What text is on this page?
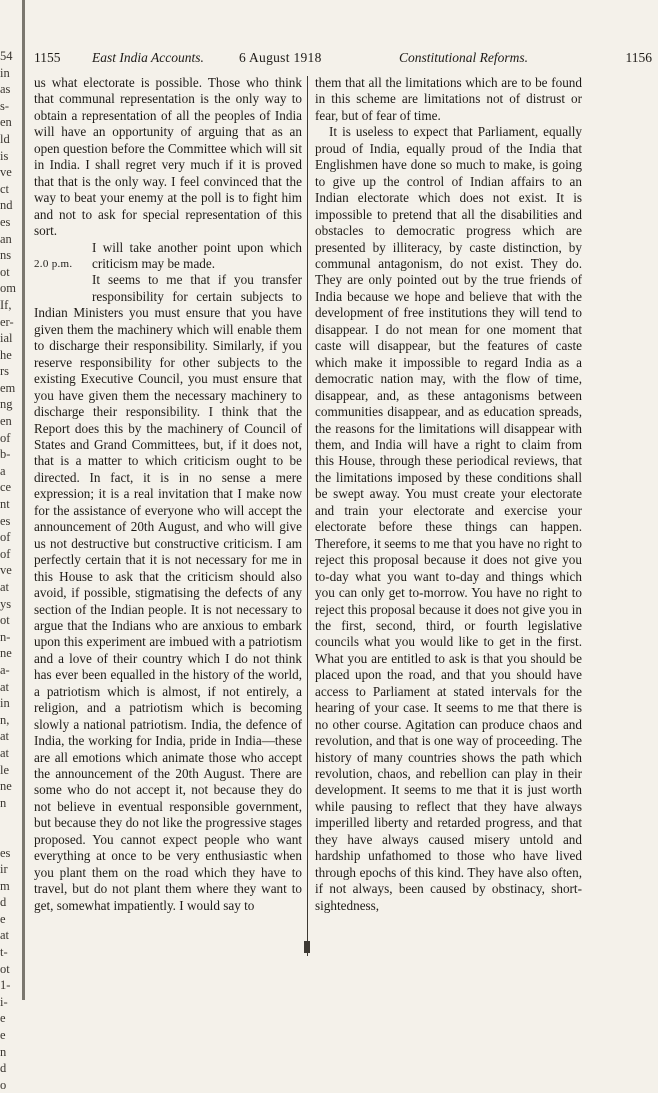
54
in
as
s-
en
ld
is
ve
ct
nd
es
an
ns
ot
om
If,
er-
ial
he
rs
em
ng
en
of
b-
a
ce
nt
es
of
of
ve
at
ys
ot
n-
ne
a-
at
in
n,
at
at
le
ne
n
es
ir
m
d
e
at
t-
ot
1-
i-
e
e
n
d
o
1155 East India Accounts.	6 August 1918	Constitutional Reforms.	1156

us what electorate is possible. Those who think that communal representation is the only way to obtain a representation of all the peoples of India will have an opportunity of arguing that as an open question before the Committee which will sit in India. I shall regret very much if it is proved that that is the only way. I feel convinced that the way to beat your enemy at the poll is to fight him and not to ask for special representation of this sort.

2.0 p.m.
I will take another point upon which criticism may be made.

It seems to me that if you transfer responsibility for certain subjects to Indian Ministers you must ensure that you have given them the machinery which will enable them to discharge their responsibility. Similarly, if you reserve responsibility for other subjects to the existing Executive Council, you must ensure that you have given them the necessary machinery to discharge their responsibility. I think that the Report does this by the machinery of Council of States and Grand Committees, but, if it does not, that is a matter to which criticism ought to be directed. In fact, it is in no sense a mere expression; it is a real invitation that I make now for the assistance of everyone who will accept the announcement of 20th August, and who will give us not destructive but constructive criticism. I am perfectly certain that it is not necessary for me in this House to ask that the criticism should also avoid, if possible, stigmatising the defects of any section of the Indian people. It is not necessary to argue that the Indians who are anxious to embark upon this experiment are imbued with a patriotism and a love of their country which I do not think has ever been equalled in the history of the world, a patriotism which is almost, if not entirely, a religion, and a patriotism which is becoming slowly a national patriotism. India, the defence of India, the working for India, pride in India—these are all emotions which animate those who accept the announcement of the 20th August. There are some who do not accept it, not because they do not believe in eventual responsible government, but because they do not like the progressive stages proposed. You cannot expect people who want everything at once to be very enthusiastic when you plant them on the road which they have to travel, but do not plant them where they want to get, somewhat impatiently. I would say to

them that all the limitations which are to be found in this scheme are limitations not of distrust or fear, but of fear of time.

It is useless to expect that Parliament, equally proud of India, equally proud of the India that Englishmen have done so much to make, is going to give up the control of Indian affairs to an Indian electorate which does not exist. It is impossible to pretend that all the disabilities and obstacles to democratic progress which are presented by illiteracy, by caste distinction, by communal antagonism, do not exist. They do. They are only pointed out by the true friends of India because we hope and believe that with the development of free institutions they will tend to disappear. I do not mean for one moment that caste will disappear, but the features of caste which make it impossible to regard India as a democratic nation may, with the flow of time, disappear, and, as these antagonisms between communities disappear, and as education spreads, the reasons for the limitations will disappear with them, and India will have a right to claim from this House, through these periodical reviews, that the limitations imposed by these conditions shall be swept away. You must create your electorate and train your electorate and exercise your electorate before these things can happen. Therefore, it seems to me that you have no right to reject this proposal because it does not give you to-day what you want to-day and things which you can only get to-morrow. You have no right to reject this proposal because it does not give you in the first, second, third, or fourth legislative councils what you would like to get in the first. What you are entitled to ask is that you should be placed upon the road, and that you should have access to Parliament at stated intervals for the hearing of your case. It seems to me that there is no other course. Agitation can produce chaos and revolution, and that is one way of proceeding. The history of many countries shows the path which revolution, chaos, and rebellion can play in their development. It seems to me that it is just worth while pausing to reflect that they have always imperilled liberty and retarded progress, and that they have always caused misery untold and hardship unfathomed to those who have lived through epochs of this kind. They have also often, if not always, been caused by obstinacy, short-sightedness,
